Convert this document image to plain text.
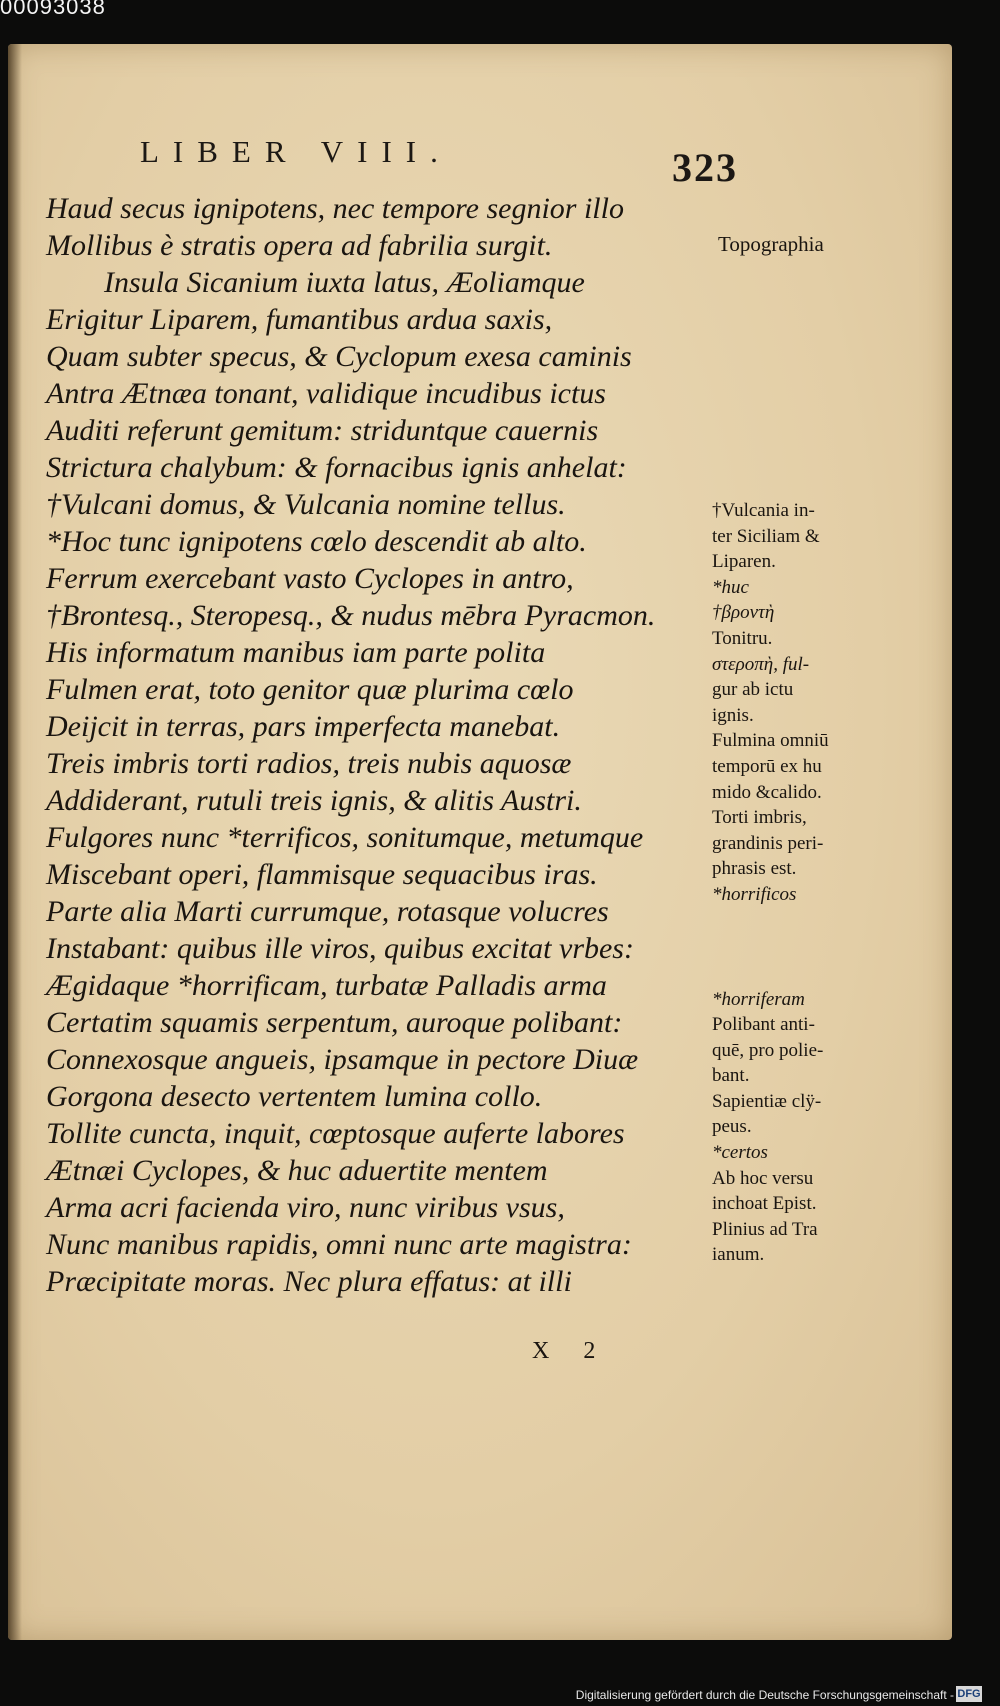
00093038
LIBER VIII.	323
Haud secus ignipotens, nec tempore segnior illo
Mollibus è stratis opera ad fabrilia surgit.
Insula Sicanium iuxta latus, Æoliamque
Erigitur Liparem, fumantibus ardua saxis,
Quam subter specus, & Cyclopum exesa caminis
Antra Ætnæa tonant, validique incudibus ictus
Auditi referunt gemitum: striduntque cauernis
Strictura chalybum: & fornacibus ignis anhelat:
†Vulcani domus, & Vulcania nomine tellus.
*Hoc tunc ignipotens cœlo descendit ab alto.
Ferrum exercebant vasto Cyclopes in antro,
†Brontesq., Steropesq., & nudus mēbra Pyracmon.
His informatum manibus iam parte polita
Fulmen erat, toto genitor quæ plurima cœlo
Deijcit in terras, pars imperfecta manebat.
Treis imbris torti radios, treis nubis aquosæ
Addiderant, rutuli treis ignis, & alitis Austri.
Fulgores nunc *terrificos, sonitumque, metumque
Miscebant operi, flammisque sequacibus iras.
Parte alia Marti currumque, rotasque volucres
Instabant: quibus ille viros, quibus excitat vrbes:
Ægidaque *horrificam, turbatæ Palladis arma
Certatim squamis serpentum, auroque polibant:
Connexosque angueis, ipsamque in pectore Diuæ
Gorgona desecto vertentem lumina collo.
Tollite cuncta, inquit, cœptosque auferte labores
Ætnæi Cyclopes, & huc aduertite mentem
Arma acri facienda viro, nunc viribus vsus,
Nunc manibus rapidis, omni nunc arte magistra:
Præcipitate moras. Nec plura effatus: at illi
Topographia
†Vulcania in-
ter Siciliam &
Liparen.
*huc
†βροντὴ
Tonitru.
στεροπὴ, ful-
gur ab ictu
ignis.
Fulmina omniū
temporū ex hu
mido &calido.
Torti imbris,
grandinis peri-
phrasis est.
*horrificos
*horriferam
Polibant anti-
quē, pro polie-
bant.
Sapientiæ clÿ-
peus.
*certos
Ab hoc versu
inchoat Epist.
Plinius ad Tra
ianum.
X 2
Digitalisierung gefördert durch die Deutsche Forschungsgemeinschaft - DFG
